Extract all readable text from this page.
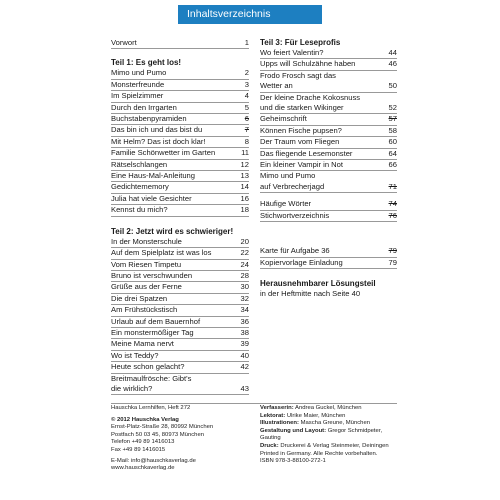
Inhaltsverzeichnis
Vorwort	1
Teil 1: Es geht los!
Mimo und Pumo	2
Monsterfreunde	3
Im Spielzimmer	4
Durch den Irrgarten	5
Buchstabenpyramiden	6
Das bin ich und das bist du	7
Mit Helm? Das ist doch klar!	8
Familie Schönwetter im Garten	11
Rätselschlangen	12
Eine Haus-Mal-Anleitung	13
Gedichtememory	14
Julia hat viele Gesichter	16
Kennst du mich?	18
Teil 2: Jetzt wird es schwieriger!
In der Monsterschule	20
Auf dem Spielplatz ist was los	22
Vom Riesen Timpetu	24
Bruno ist verschwunden	28
Grüße aus der Ferne	30
Die drei Spatzen	32
Am Frühstückstisch	34
Urlaub auf dem Bauernhof	36
Ein monstermößiger Tag	38
Meine Mama nervt	39
Wo ist Teddy?	40
Heute schon gelacht?	42
Breitmaulfrösche: Gibt's
die wirklich?	43
Teil 3: Für Leseprofis
Wo feiert Valentin?	44
Upps will Schulzähne haben	46
Frodo Frosch sagt das
Wetter an	50
Der kleine Drache Kokosnuss
und die starken Wikinger	52
Geheimschrift	57
Können Fische pupsen?	58
Der Traum vom Fliegen	60
Das fliegende Lesemonster	64
Ein kleiner Vampir in Not	66
Mimo und Pumo
auf Verbrecherjagd	71
Häufige Wörter	74
Stichwortverzeichnis	76
Karte für Aufgabe 36	79
Kopiervorlage Einladung	79
Herausnehmbarer Lösungsteil
in der Heftmitte nach Seite 40
Hauschka Lernhilfen, Heft 272
© 2012 Hauschka Verlag
Ernst-Platz-Straße 28, 80992 München
Postfach 50 03 45, 80973 München
Telefon +49 89 1416013
Fax +49 89 1416015
E-Mail: info@hauschkaverlag.de
www.hauschkaverlag.de
Verfasserin: Andrea Guckel, München
Lektorat: Ulrike Maier, München
Illustrationen: Mascha Greune, München
Gestaltung und Layout: Gregor Schmidpeter, Gauting
Druck: Druckerei & Verlag Steinmeier, Deiningen
Printed in Germany. Alle Rechte vorbehalten.
ISBN 978-3-88100-272-1
